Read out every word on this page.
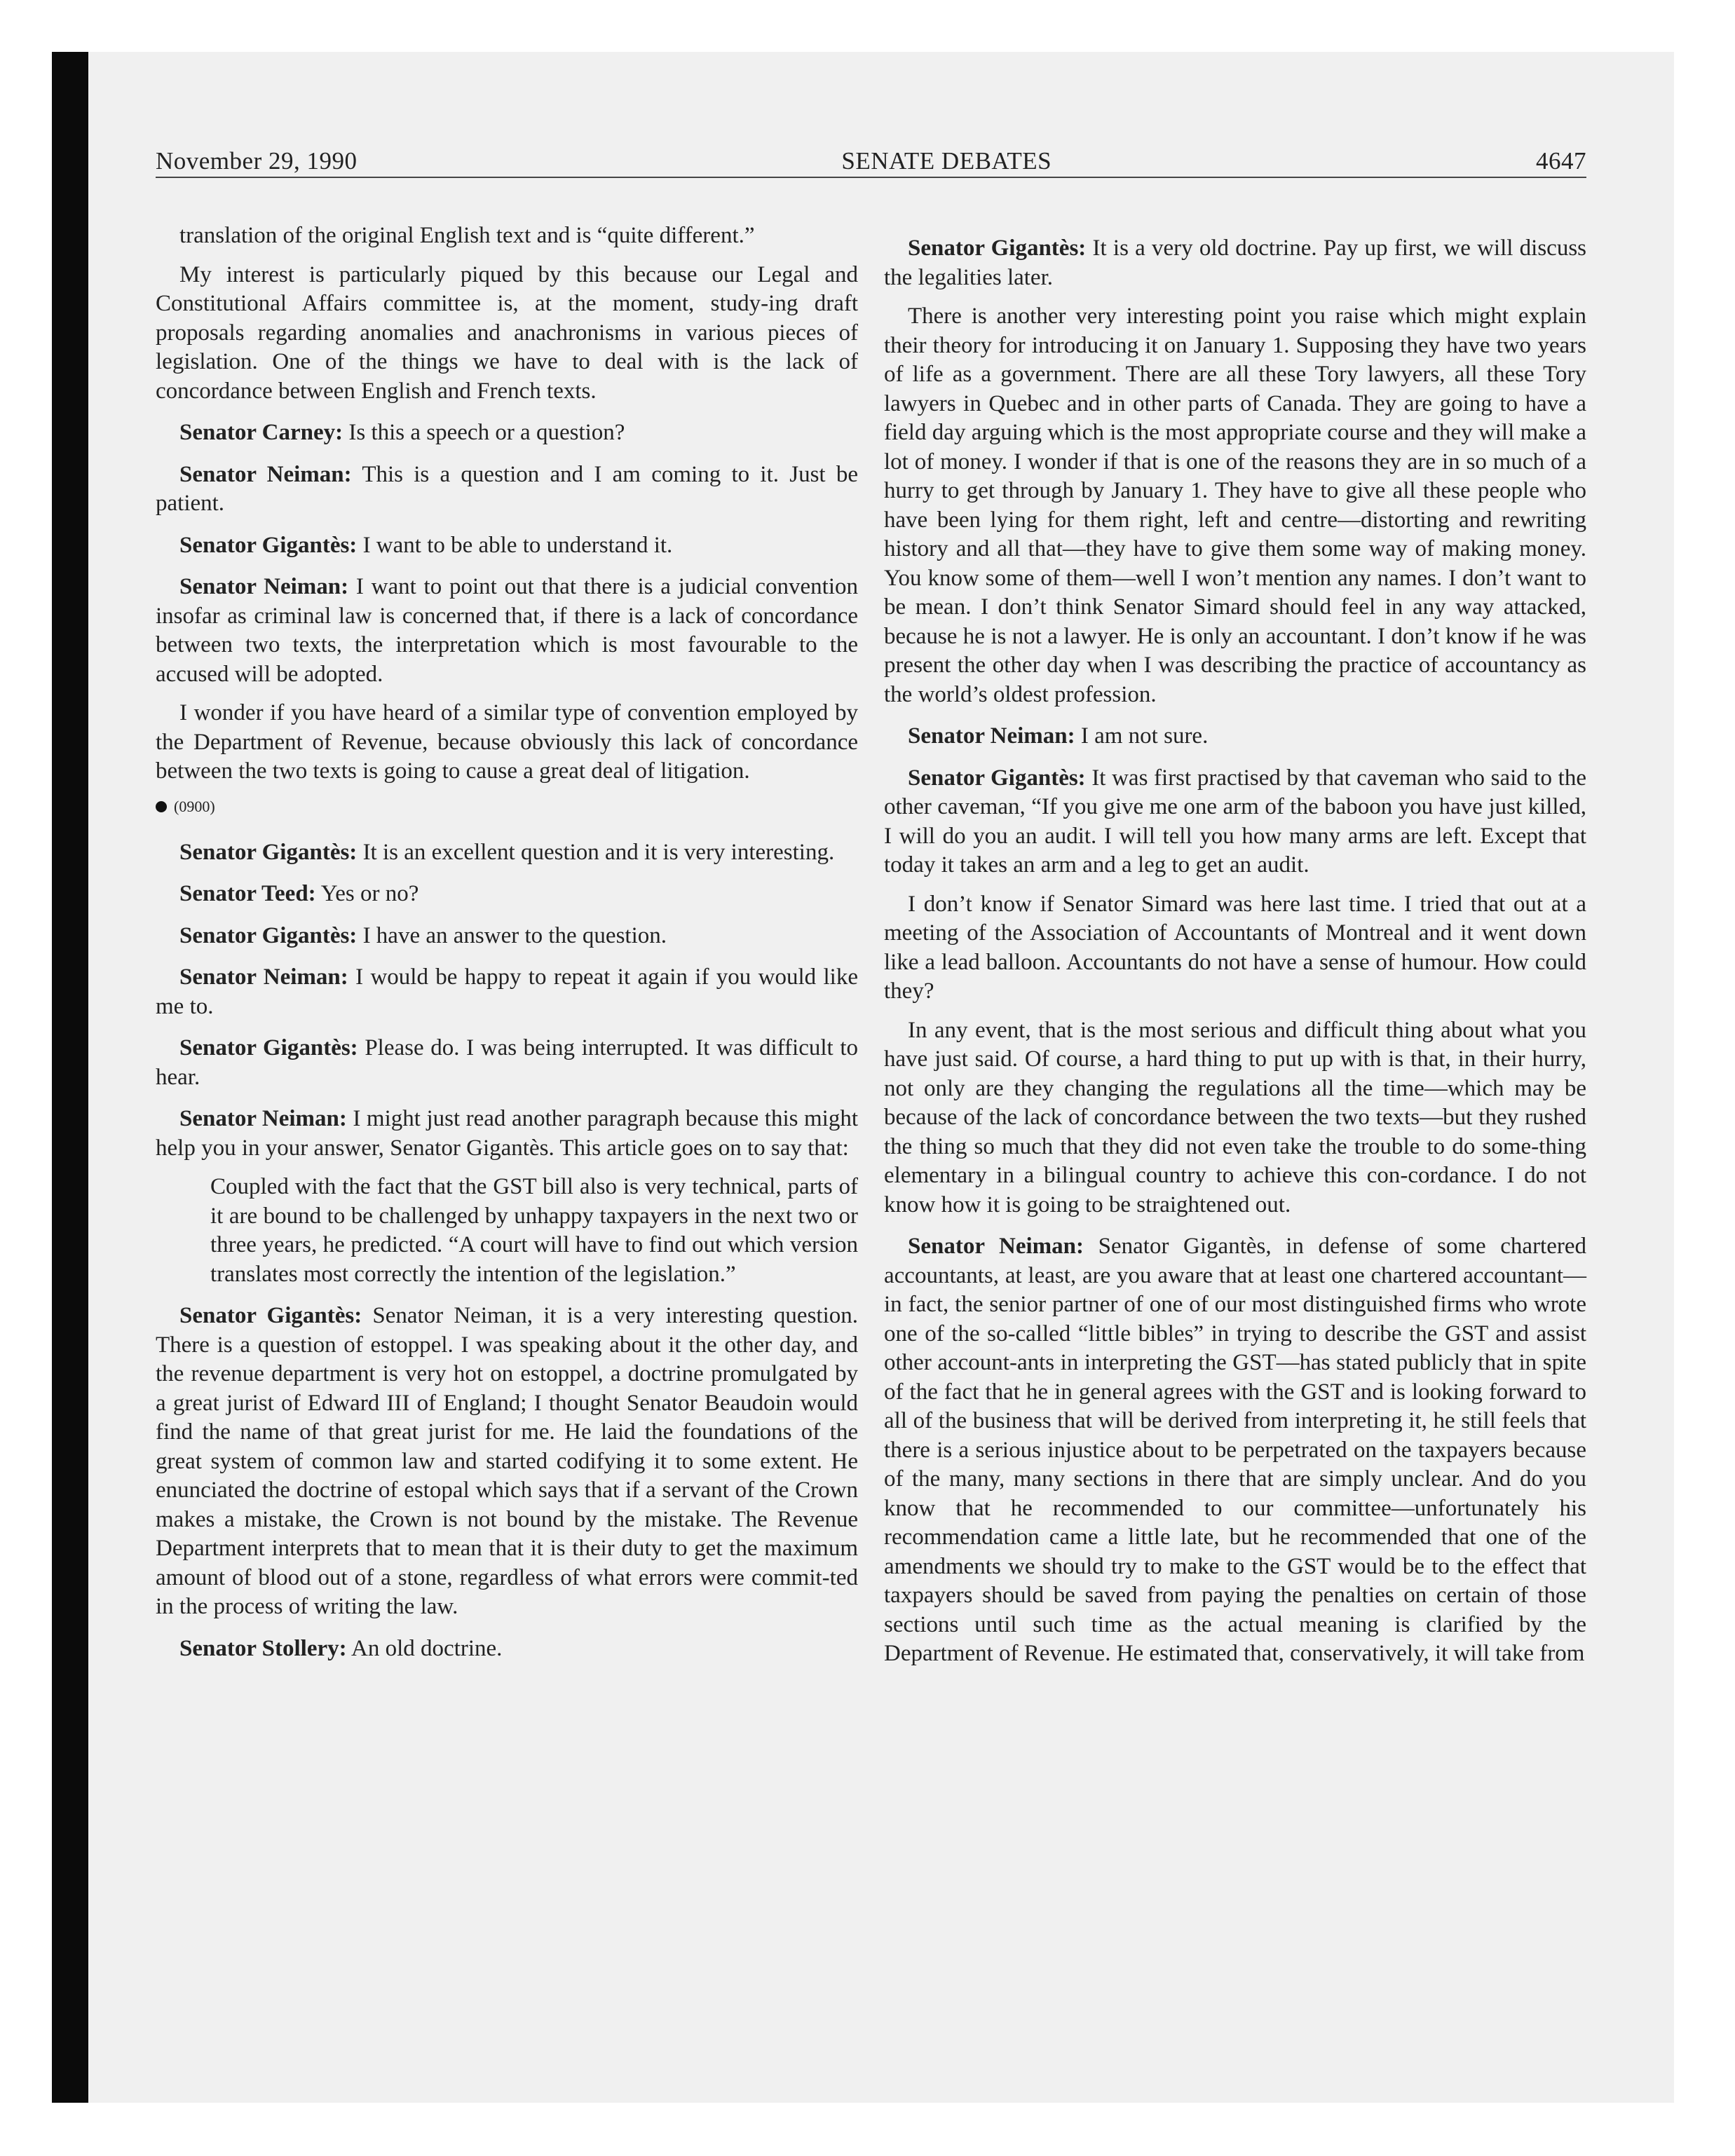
November 29, 1990	SENATE DEBATES	4647

translation of the original English text and is “quite different.”

My interest is particularly piqued by this because our Legal and Constitutional Affairs committee is, at the moment, study-ing draft proposals regarding anomalies and anachronisms in various pieces of legislation. One of the things we have to deal with is the lack of concordance between English and French texts.

Senator Carney: Is this a speech or a question?

Senator Neiman: This is a question and I am coming to it. Just be patient.

Senator Gigantès: I want to be able to understand it.

Senator Neiman: I want to point out that there is a judicial convention insofar as criminal law is concerned that, if there is a lack of concordance between two texts, the interpretation which is most favourable to the accused will be adopted.

I wonder if you have heard of a similar type of convention employed by the Department of Revenue, because obviously this lack of concordance between the two texts is going to cause a great deal of litigation.

(0900)

Senator Gigantès: It is an excellent question and it is very interesting.

Senator Teed: Yes or no?

Senator Gigantès: I have an answer to the question.

Senator Neiman: I would be happy to repeat it again if you would like me to.

Senator Gigantès: Please do. I was being interrupted. It was difficult to hear.

Senator Neiman: I might just read another paragraph because this might help you in your answer, Senator Gigantès. This article goes on to say that:

Coupled with the fact that the GST bill also is very technical, parts of it are bound to be challenged by unhappy taxpayers in the next two or three years, he predicted. “A court will have to find out which version translates most correctly the intention of the legislation.”

Senator Gigantès: Senator Neiman, it is a very interesting question. There is a question of estoppel. I was speaking about it the other day, and the revenue department is very hot on estoppel, a doctrine promulgated by a great jurist of Edward III of England; I thought Senator Beaudoin would find the name of that great jurist for me. He laid the foundations of the great system of common law and started codifying it to some extent. He enunciated the doctrine of estopal which says that if a servant of the Crown makes a mistake, the Crown is not bound by the mistake. The Revenue Department interprets that to mean that it is their duty to get the maximum amount of blood out of a stone, regardless of what errors were commit-ted in the process of writing the law.

Senator Stollery: An old doctrine.

Senator Gigantès: It is a very old doctrine. Pay up first, we will discuss the legalities later.

There is another very interesting point you raise which might explain their theory for introducing it on January 1. Supposing they have two years of life as a government. There are all these Tory lawyers, all these Tory lawyers in Quebec and in other parts of Canada. They are going to have a field day arguing which is the most appropriate course and they will make a lot of money. I wonder if that is one of the reasons they are in so much of a hurry to get through by January 1. They have to give all these people who have been lying for them right, left and centre—distorting and rewriting history and all that—they have to give them some way of making money. You know some of them—well I won’t mention any names. I don’t want to be mean. I don’t think Senator Simard should feel in any way attacked, because he is not a lawyer. He is only an accountant. I don’t know if he was present the other day when I was describing the practice of accountancy as the world’s oldest profession.

Senator Neiman: I am not sure.

Senator Gigantès: It was first practised by that caveman who said to the other caveman, “If you give me one arm of the baboon you have just killed, I will do you an audit. I will tell you how many arms are left. Except that today it takes an arm and a leg to get an audit.

I don’t know if Senator Simard was here last time. I tried that out at a meeting of the Association of Accountants of Montreal and it went down like a lead balloon. Accountants do not have a sense of humour. How could they?

In any event, that is the most serious and difficult thing about what you have just said. Of course, a hard thing to put up with is that, in their hurry, not only are they changing the regulations all the time—which may be because of the lack of concordance between the two texts—but they rushed the thing so much that they did not even take the trouble to do some-thing elementary in a bilingual country to achieve this con-cordance. I do not know how it is going to be straightened out.

Senator Neiman: Senator Gigantès, in defense of some chartered accountants, at least, are you aware that at least one chartered accountant—in fact, the senior partner of one of our most distinguished firms who wrote one of the so-called “little bibles” in trying to describe the GST and assist other account-ants in interpreting the GST—has stated publicly that in spite of the fact that he in general agrees with the GST and is looking forward to all of the business that will be derived from interpreting it, he still feels that there is a serious injustice about to be perpetrated on the taxpayers because of the many, many sections in there that are simply unclear. And do you know that he recommended to our committee—unfortunately his recommendation came a little late, but he recommended that one of the amendments we should try to make to the GST would be to the effect that taxpayers should be saved from paying the penalties on certain of those sections until such time as the actual meaning is clarified by the Department of Revenue. He estimated that, conservatively, it will take from
